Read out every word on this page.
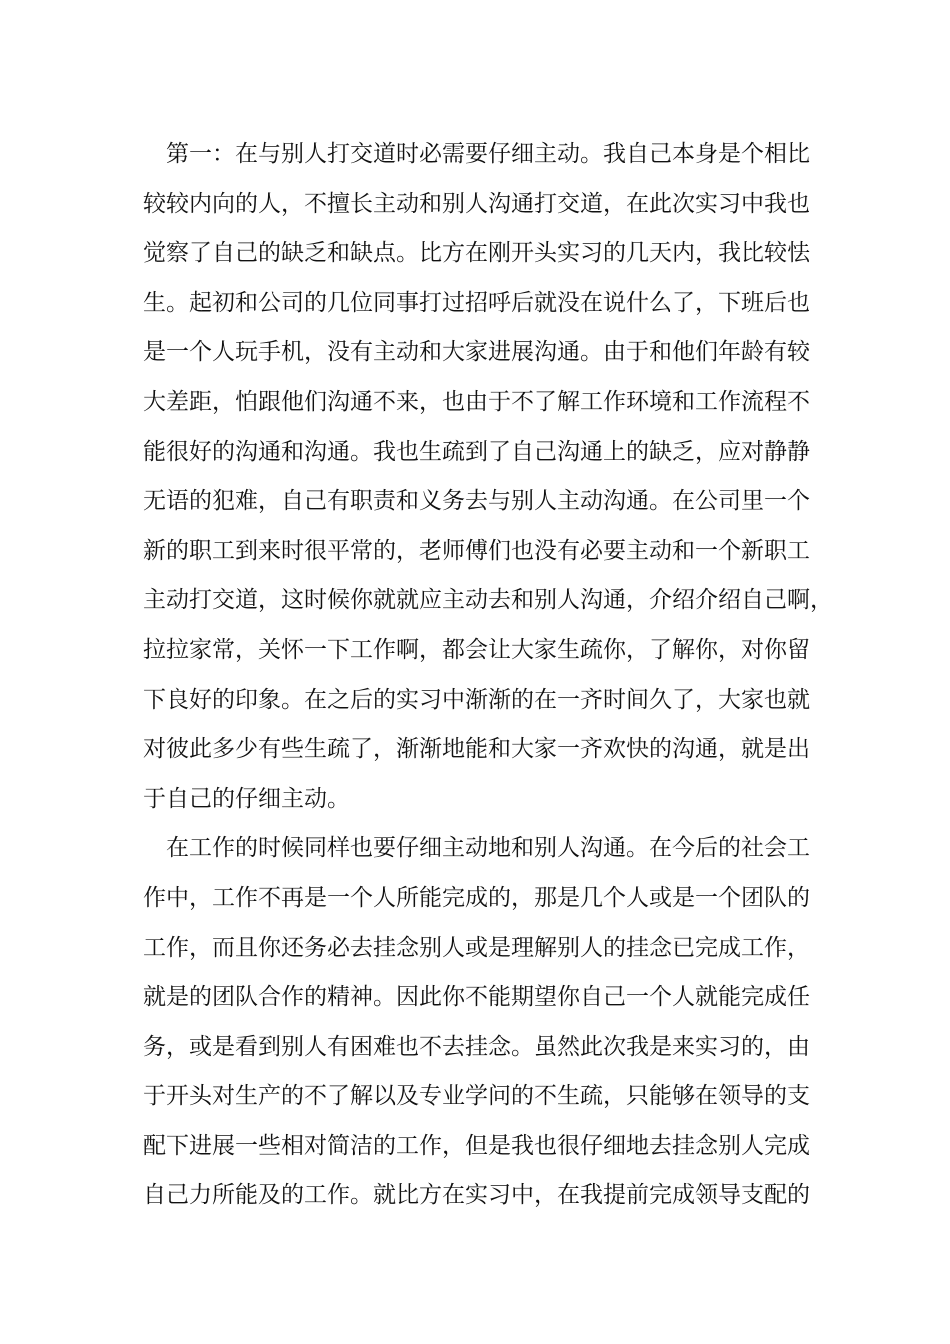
第一：在与别人打交道时必需要仔细主动。我自己本身是个相比
较较内向的人，不擅长主动和别人沟通打交道，在此次实习中我也
觉察了自己的缺乏和缺点。比方在刚开头实习的几天内，我比较怯
生。起初和公司的几位同事打过招呼后就没在说什么了，下班后也
是一个人玩手机，没有主动和大家进展沟通。由于和他们年龄有较
大差距，怕跟他们沟通不来，也由于不了解工作环境和工作流程不
能很好的沟通和沟通。我也生疏到了自己沟通上的缺乏，应对静静
无语的犯难，自己有职责和义务去与别人主动沟通。在公司里一个
新的职工到来时很平常的，老师傅们也没有必要主动和一个新职工
主动打交道，这时候你就就应主动去和别人沟通，介绍介绍自己啊，
拉拉家常，关怀一下工作啊，都会让大家生疏你，了解你，对你留
下良好的印象。在之后的实习中渐渐的在一齐时间久了，大家也就
对彼此多少有些生疏了，渐渐地能和大家一齐欢快的沟通，就是出
于自己的仔细主动。
在工作的时候同样也要仔细主动地和别人沟通。在今后的社会工
作中，工作不再是一个人所能完成的，那是几个人或是一个团队的
工作，而且你还务必去挂念别人或是理解别人的挂念已完成工作，
就是的团队合作的精神。因此你不能期望你自己一个人就能完成任
务，或是看到别人有困难也不去挂念。虽然此次我是来实习的，由
于开头对生产的不了解以及专业学问的不生疏，只能够在领导的支
配下进展一些相对简洁的工作，但是我也很仔细地去挂念别人完成
自己力所能及的工作。就比方在实习中，在我提前完成领导支配的
